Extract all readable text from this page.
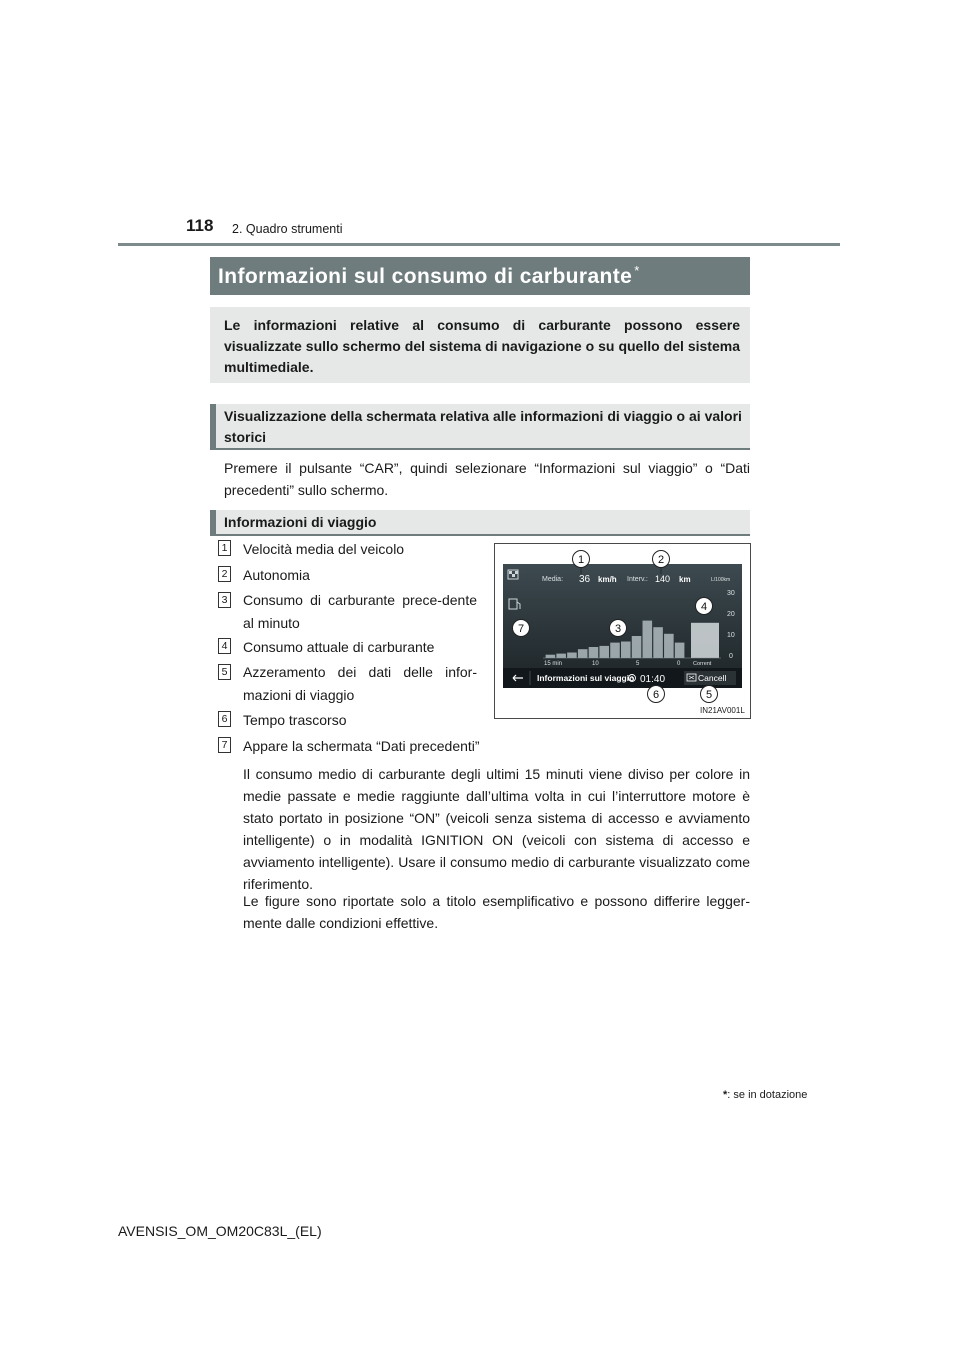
118 2. Quadro strumenti
Informazioni sul consumo di carburante *
Le informazioni relative al consumo di carburante possono essere visualizzate sullo schermo del sistema di navigazione o su quello del sistema multimediale.
Visualizzazione della schermata relativa alle informazioni di viaggio o ai valori storici
Premere il pulsante “CAR”, quindi selezionare “Informazioni sul viaggio” o “Dati precedenti” sullo schermo.
Informazioni di viaggio
1 Velocità media del veicolo
2 Autonomia
3 Consumo di carburante prece-dente al minuto
4 Consumo attuale di carburante
5 Azzeramento dei dati delle infor-mazioni di viaggio
6 Tempo trascorso
7 Appare la schermata “Dati precedenti”
Media: 36 km/h Interv.: 140 km	L/100km
30
20
10
0
15 min	10	5	0 Corrent
Informazioni sul viaggio 01:40	Cancell
1	2
4
3
7
6	5
IN21AV001L
Il consumo medio di carburante degli ultimi 15 minuti viene diviso per colore in medie passate e medie raggiunte dall’ultima volta in cui l’interruttore motore è stato portato in posizione “ON” (veicoli senza sistema di accesso e avviamento intelligente) o in modalità IGNITION ON (veicoli con sistema di accesso e avviamento intelligente). Usare il consumo medio di carburante visualizzato come riferimento.
Le figure sono riportate solo a titolo esemplificativo e possono differire legger-mente dalle condizioni effettive.
*: se in dotazione
AVENSIS_OM_OM20C83L_(EL)
